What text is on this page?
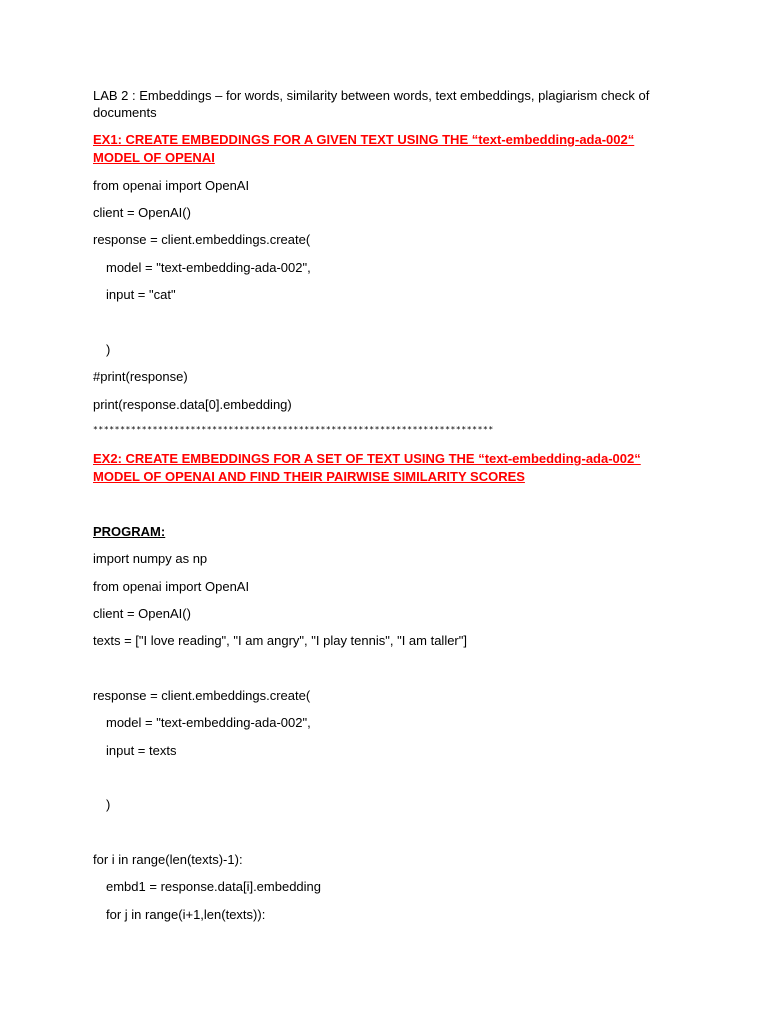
LAB 2 : Embeddings – for words, similarity between words, text embeddings, plagiarism check of documents
EX1: CREATE EMBEDDINGS FOR A GIVEN TEXT USING THE “text-embedding-ada-002“ MODEL OF OPENAI
from openai import OpenAI
client = OpenAI()
response = client.embeddings.create(
model = "text-embedding-ada-002",
input = "cat"
)
#print(response)
print(response.data[0].embedding)
**************************************************************************
EX2: CREATE EMBEDDINGS FOR A SET OF TEXT USING THE “text-embedding-ada-002“ MODEL OF OPENAI AND FIND THEIR PAIRWISE SIMILARITY SCORES
PROGRAM:
import numpy as np
from openai import OpenAI
client = OpenAI()
texts = ["I love reading", "I am angry", "I play tennis", "I am taller"]
response = client.embeddings.create(
model = "text-embedding-ada-002",
input = texts
)
for i in range(len(texts)-1):
embd1 = response.data[i].embedding
for j in range(i+1,len(texts)):
